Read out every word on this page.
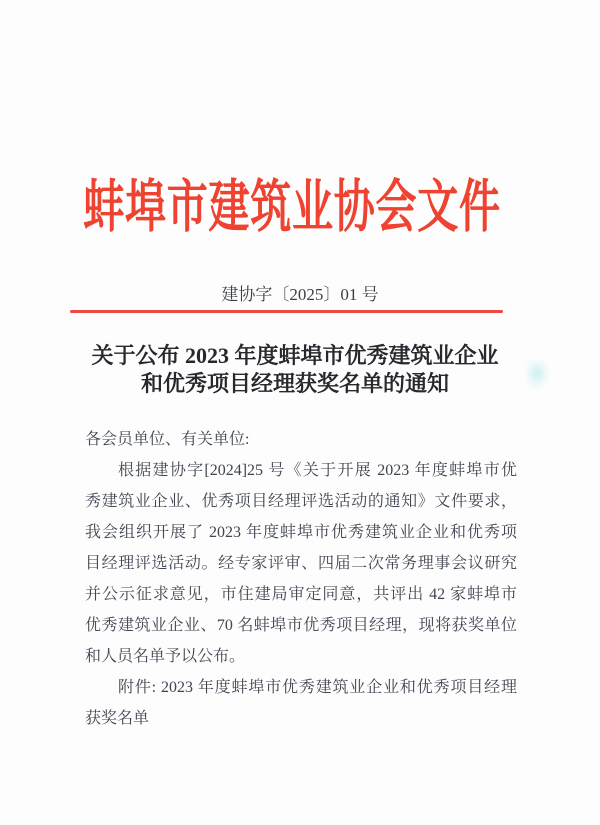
蚌埠市建筑业协会文件
建协字〔2025〕01 号
关于公布 2023 年度蚌埠市优秀建筑业企业
和优秀项目经理获奖名单的通知
各会员单位、有关单位:
根据建协字[2024]25 号《关于开展 2023 年度蚌埠市优
秀建筑业企业、优秀项目经理评选活动的通知》文件要求，
我会组织开展了 2023 年度蚌埠市优秀建筑业企业和优秀项
目经理评选活动。经专家评审、四届二次常务理事会议研究
并公示征求意见，市住建局审定同意，共评出 42 家蚌埠市
优秀建筑业企业、70 名蚌埠市优秀项目经理，现将获奖单位
和人员名单予以公布。
附件: 2023 年度蚌埠市优秀建筑业企业和优秀项目经理
获奖名单
